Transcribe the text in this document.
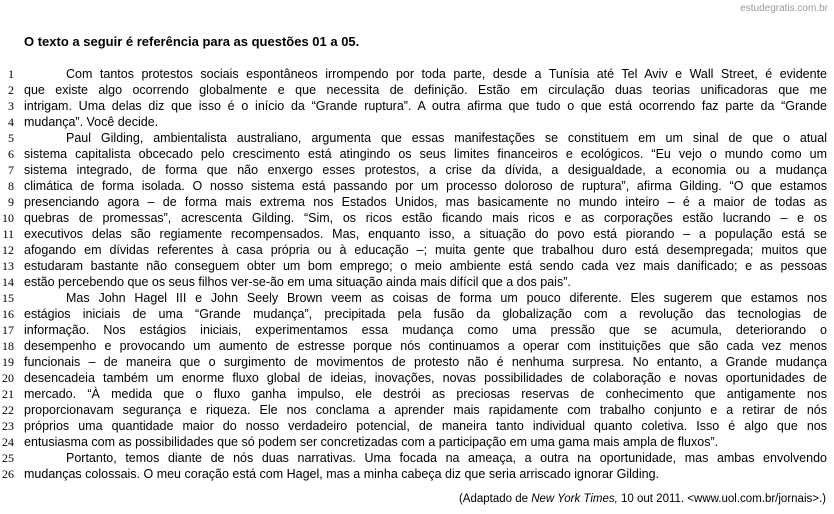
estudegratis.com.br
O texto a seguir é referência para as questões 01 a 05.
1	Com tantos protestos sociais espontâneos irrompendo por toda parte, desde a Tunísia até Tel Aviv e Wall Street, é evidente
2 que existe algo ocorrendo globalmente e que necessita de definição. Estão em circulação duas teorias unificadoras que me
3 intrigam. Uma delas diz que isso é o início da “Grande ruptura”. A outra afirma que tudo o que está ocorrendo faz parte da “Grande
4 mudança”. Você decide.
5	Paul Gilding, ambientalista australiano, argumenta que essas manifestações se constituem em um sinal de que o atual
6 sistema capitalista obcecado pelo crescimento está atingindo os seus limites financeiros e ecológicos. “Eu vejo o mundo como um
7 sistema integrado, de forma que não enxergo esses protestos, a crise da dívida, a desigualdade, a economia ou a mudança
8 climática de forma isolada. O nosso sistema está passando por um processo doloroso de ruptura”, afirma Gilding. “O que estamos
9 presenciando agora – de forma mais extrema nos Estados Unidos, mas basicamente no mundo inteiro – é a maior de todas as
10 quebras de promessas”, acrescenta Gilding. “Sim, os ricos estão ficando mais ricos e as corporações estão lucrando – e os
11 executivos delas são regiamente recompensados. Mas, enquanto isso, a situação do povo está piorando – a população está se
12 afogando em dívidas referentes à casa própria ou à educação –; muita gente que trabalhou duro está desempregada; muitos que
13 estudaram bastante não conseguem obter um bom emprego; o meio ambiente está sendo cada vez mais danificado; e as pessoas
14 estão percebendo que os seus filhos ver-se-ão em uma situação ainda mais difícil que a dos pais”.
15	Mas John Hagel III e John Seely Brown veem as coisas de forma um pouco diferente. Eles sugerem que estamos nos
16 estágios iniciais de uma “Grande mudança”, precipitada pela fusão da globalização com a revolução das tecnologias de
17 informação. Nos estágios iniciais, experimentamos essa mudança como uma pressão que se acumula, deteriorando o
18 desempenho e provocando um aumento de estresse porque nós continuamos a operar com instituições que são cada vez menos
19 funcionais – de maneira que o surgimento de movimentos de protesto não é nenhuma surpresa. No entanto, a Grande mudança
20 desencadeia também um enorme fluxo global de ideias, inovações, novas possibilidades de colaboração e novas oportunidades de
21 mercado. “À medida que o fluxo ganha impulso, ele destrói as preciosas reservas de conhecimento que antigamente nos
22 proporcionavam segurança e riqueza. Ele nos conclama a aprender mais rapidamente com trabalho conjunto e a retirar de nós
23 próprios uma quantidade maior do nosso verdadeiro potencial, de maneira tanto individual quanto coletiva. Isso é algo que nos
24 entusiasma com as possibilidades que só podem ser concretizadas com a participação em uma gama mais ampla de fluxos”.
25	Portanto, temos diante de nós duas narrativas. Uma focada na ameaça, a outra na oportunidade, mas ambas envolvendo
26 mudanças colossais. O meu coração está com Hagel, mas a minha cabeça diz que seria arriscado ignorar Gilding.
(Adaptado de New York Times, 10 out 2011. <www.uol.com.br/jornais>.)
